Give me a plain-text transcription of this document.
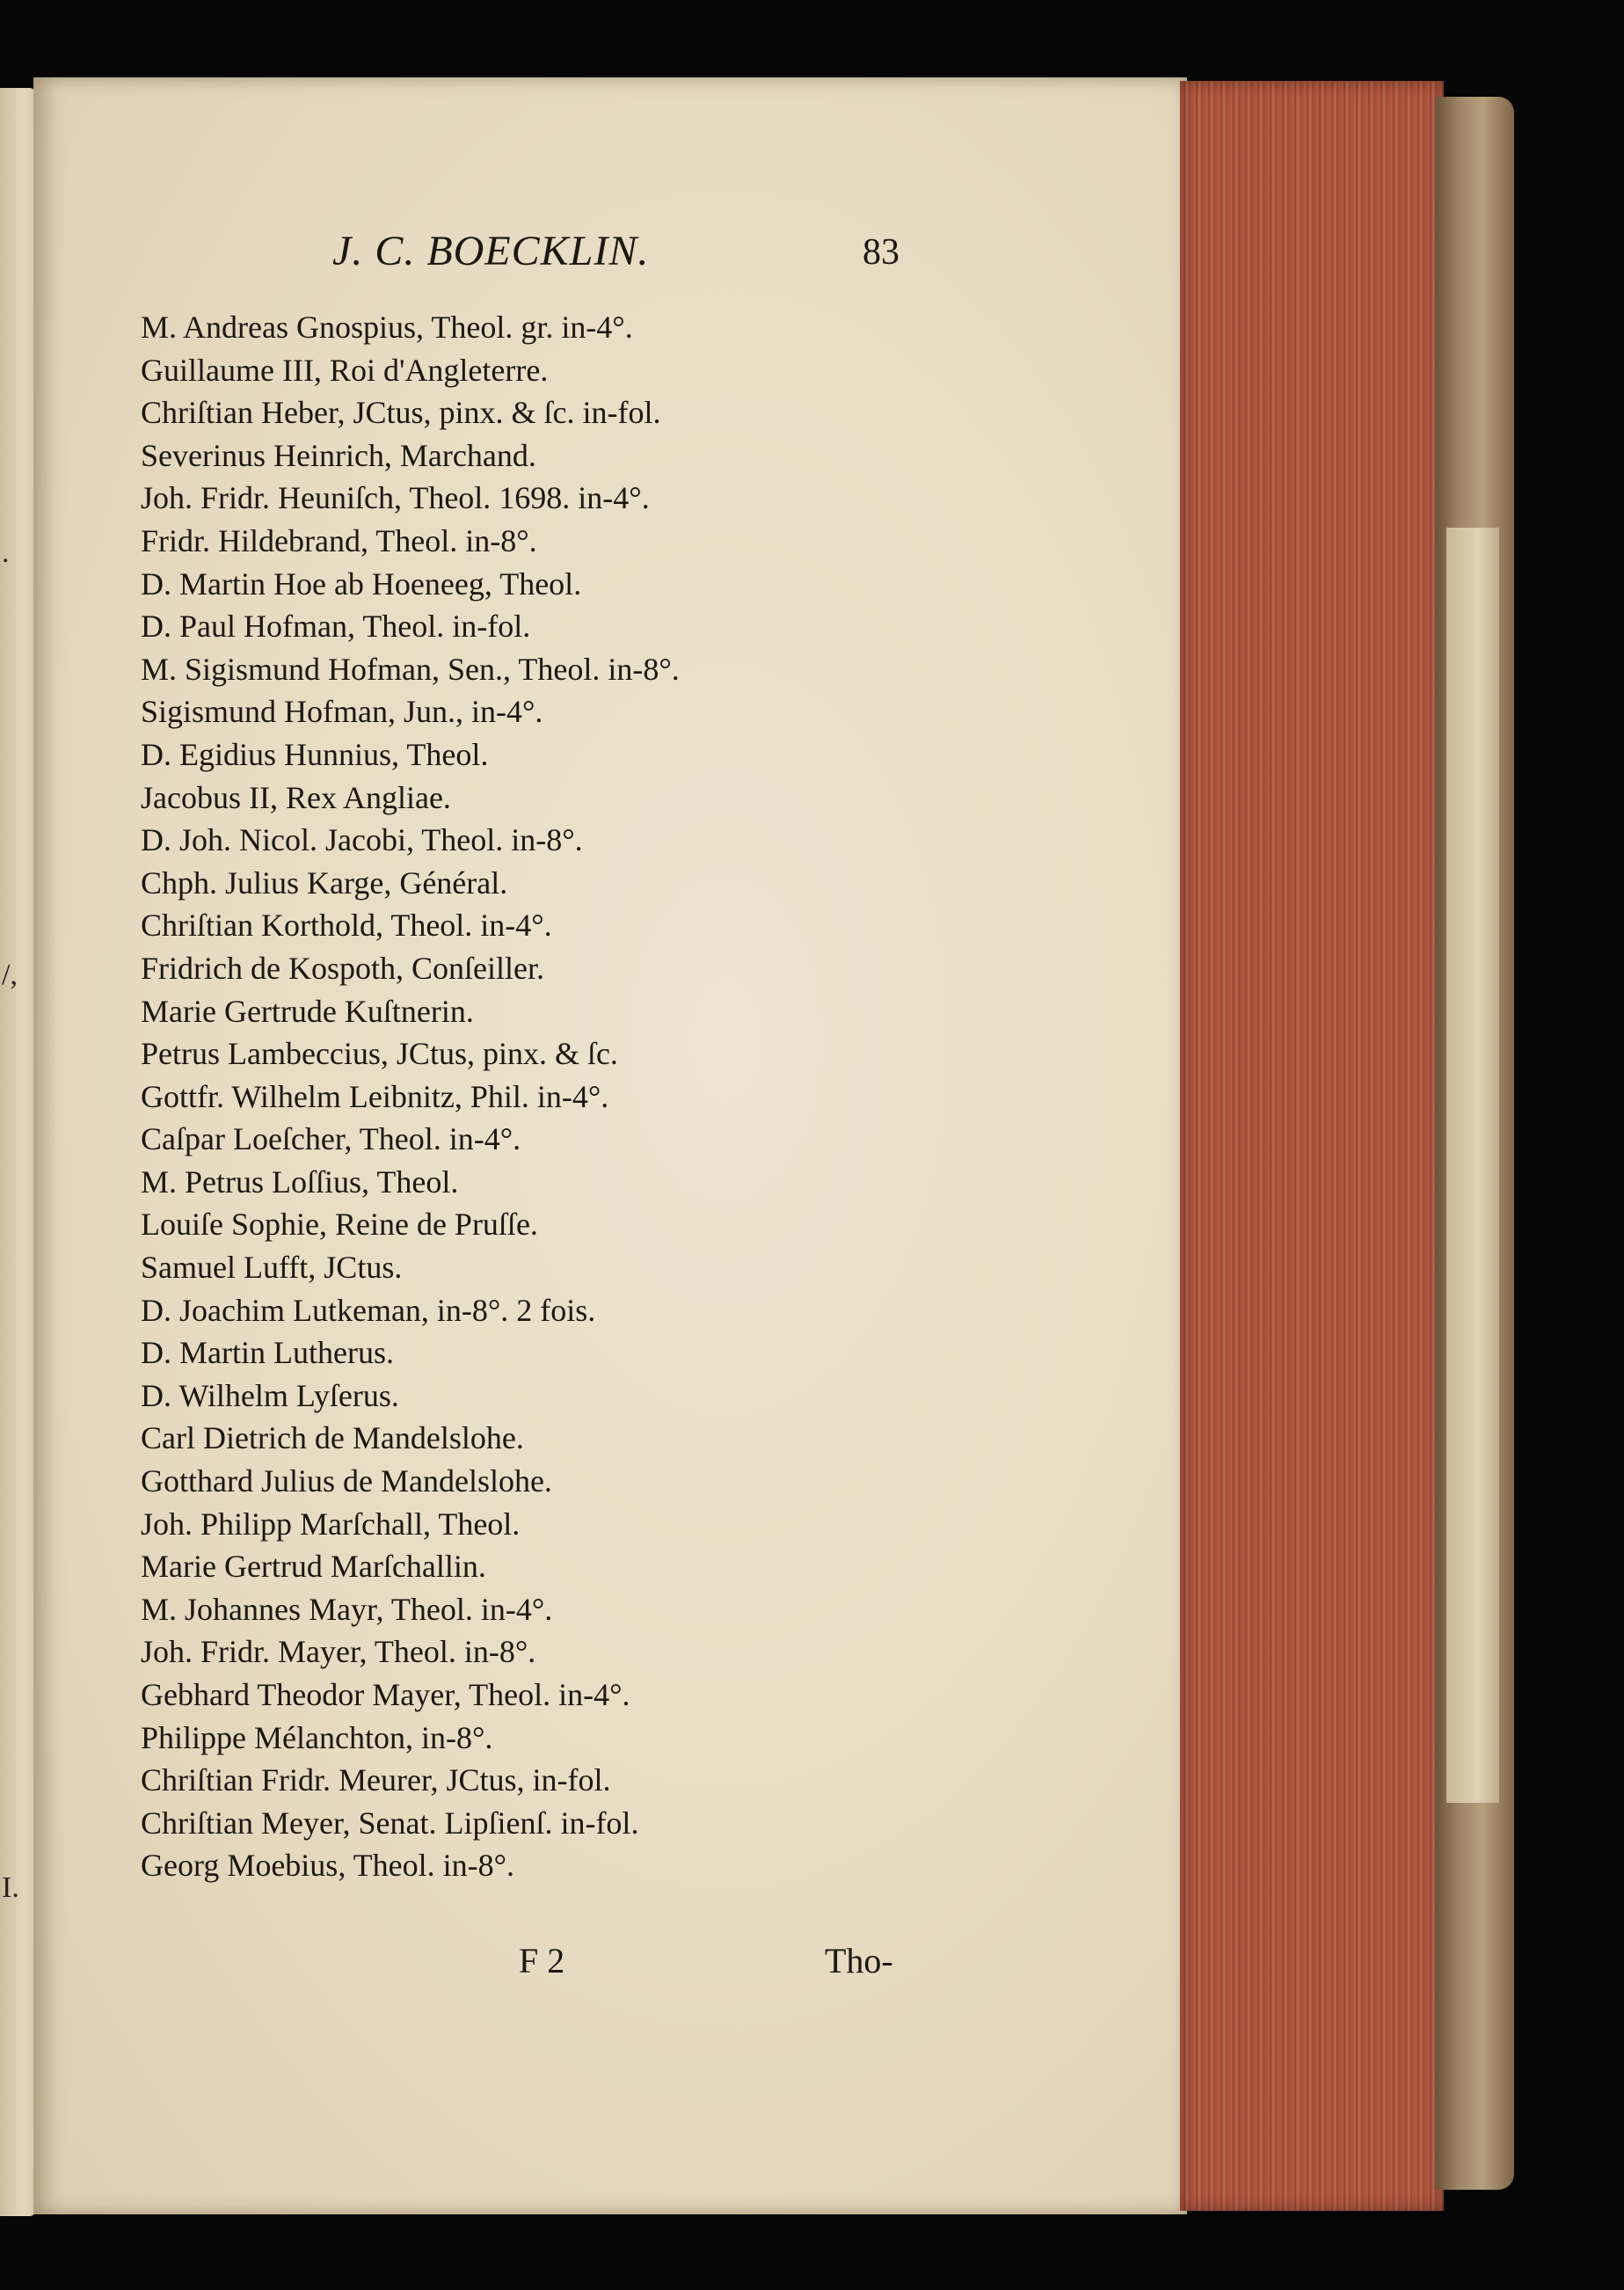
.
/,
I.
J. C. BOECKLIN.	83
M. Andreas Gnospius, Theol. gr. in-4°.
Guillaume III, Roi d'Angleterre.
Chriſtian Heber, JCtus, pinx. & ſc. in-fol.
Severinus Heinrich, Marchand.
Joh. Fridr. Heuniſch, Theol. 1698. in-4°.
Fridr. Hildebrand, Theol. in-8°.
D. Martin Hoe ab Hoeneeg, Theol.
D. Paul Hofman, Theol. in-fol.
M. Sigismund Hofman, Sen., Theol. in-8°.
Sigismund Hofman, Jun., in-4°.
D. Egidius Hunnius, Theol.
Jacobus II, Rex Angliae.
D. Joh. Nicol. Jacobi, Theol. in-8°.
Chph. Julius Karge, Général.
Chriſtian Korthold, Theol. in-4°.
Fridrich de Kospoth, Conſeiller.
Marie Gertrude Kuſtnerin.
Petrus Lambeccius, JCtus, pinx. & ſc.
Gottfr. Wilhelm Leibnitz, Phil. in-4°.
Caſpar Loeſcher, Theol. in-4°.
M. Petrus Loſſius, Theol.
Louiſe Sophie, Reine de Pruſſe.
Samuel Lufft, JCtus.
D. Joachim Lutkeman, in-8°. 2 fois.
D. Martin Lutherus.
D. Wilhelm Lyſerus.
Carl Dietrich de Mandelslohe.
Gotthard Julius de Mandelslohe.
Joh. Philipp Marſchall, Theol.
Marie Gertrud Marſchallin.
M. Johannes Mayr, Theol. in-4°.
Joh. Fridr. Mayer, Theol. in-8°.
Gebhard Theodor Mayer, Theol. in-4°.
Philippe Mélanchton, in-8°.
Chriſtian Fridr. Meurer, JCtus, in-fol.
Chriſtian Meyer, Senat. Lipſienſ. in-fol.
Georg Moebius, Theol. in-8°.
F 2	Tho-
